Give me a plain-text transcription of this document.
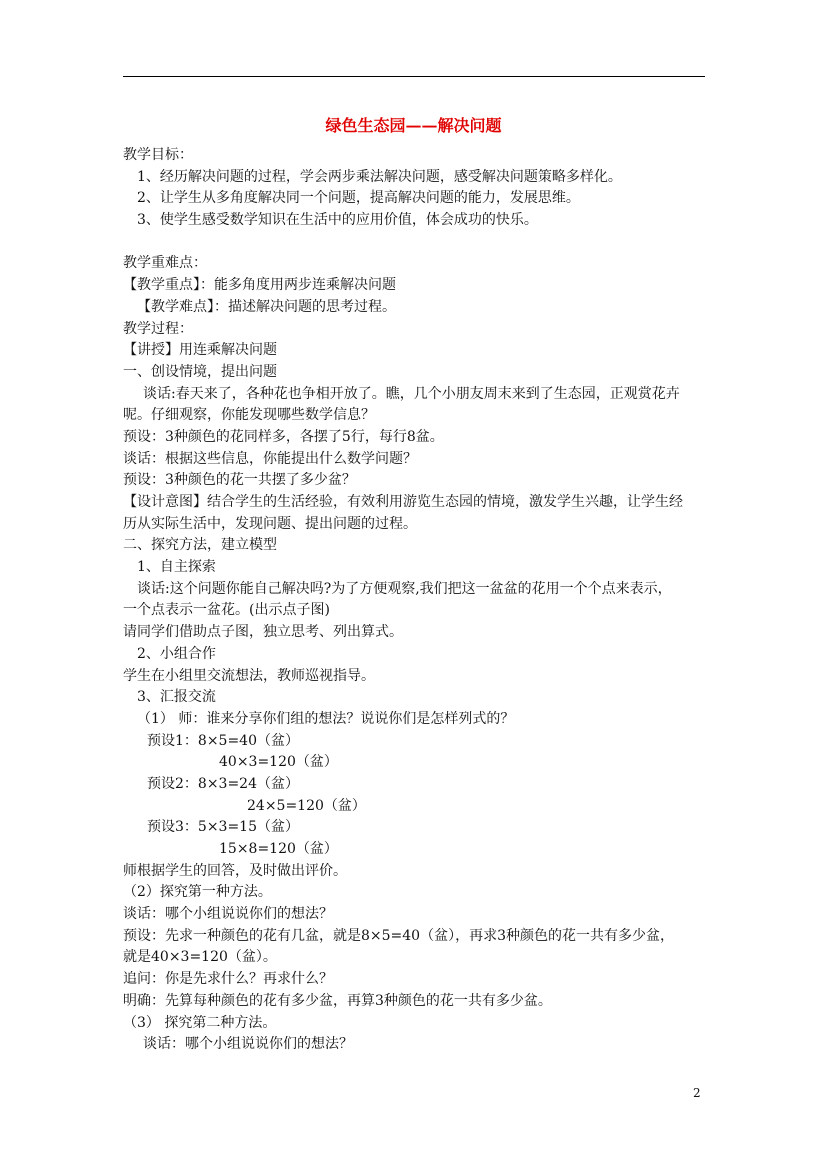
绿色生态园——解决问题
教学目标：
1、经历解决问题的过程，学会两步乘法解决问题，感受解决问题策略多样化。
2、让学生从多角度解决同一个问题，提高解决问题的能力，发展思维。
3、使学生感受数学知识在生活中的应用价值，体会成功的快乐。
教学重难点：
【教学重点】：能多角度用两步连乘解决问题
【教学难点】：描述解决问题的思考过程。
教学过程：
【讲授】用连乘解决问题
一、创设情境，提出问题
谈话:春天来了，各种花也争相开放了。瞧，几个小朋友周末来到了生态园，正观赏花卉
呢。仔细观察，你能发现哪些数学信息？
预设：3种颜色的花同样多，各摆了5行，每行8盆。
谈话：根据这些信息，你能提出什么数学问题？
预设：3种颜色的花一共摆了多少盆？
【设计意图】结合学生的生活经验，有效利用游览生态园的情境，激发学生兴趣，让学生经
历从实际生活中，发现问题、提出问题的过程。
二、探究方法，建立模型
1、自主探索
谈话:这个问题你能自己解决吗?为了方便观察,我们把这一盆盆的花用一个个点来表示，
一个点表示一盆花。(出示点子图)
请同学们借助点子图，独立思考、列出算式。
2、小组合作
学生在小组里交流想法，教师巡视指导。
3、汇报交流
（1） 师：谁来分享你们组的想法？说说你们是怎样列式的？
预设1：8×5=40（盆）
40×3=120（盆）
预设2：8×3=24（盆）
24×5=120（盆）
预设3：5×3=15（盆）
15×8=120（盆）
师根据学生的回答，及时做出评价。
（2）探究第一种方法。
谈话：哪个小组说说你们的想法？
预设：先求一种颜色的花有几盆，就是8×5=40（盆），再求3种颜色的花一共有多少盆，
就是40×3=120（盆）。
追问：你是先求什么？再求什么？
明确：先算每种颜色的花有多少盆，再算3种颜色的花一共有多少盆。
（3） 探究第二种方法。
谈话：哪个小组说说你们的想法？
2
